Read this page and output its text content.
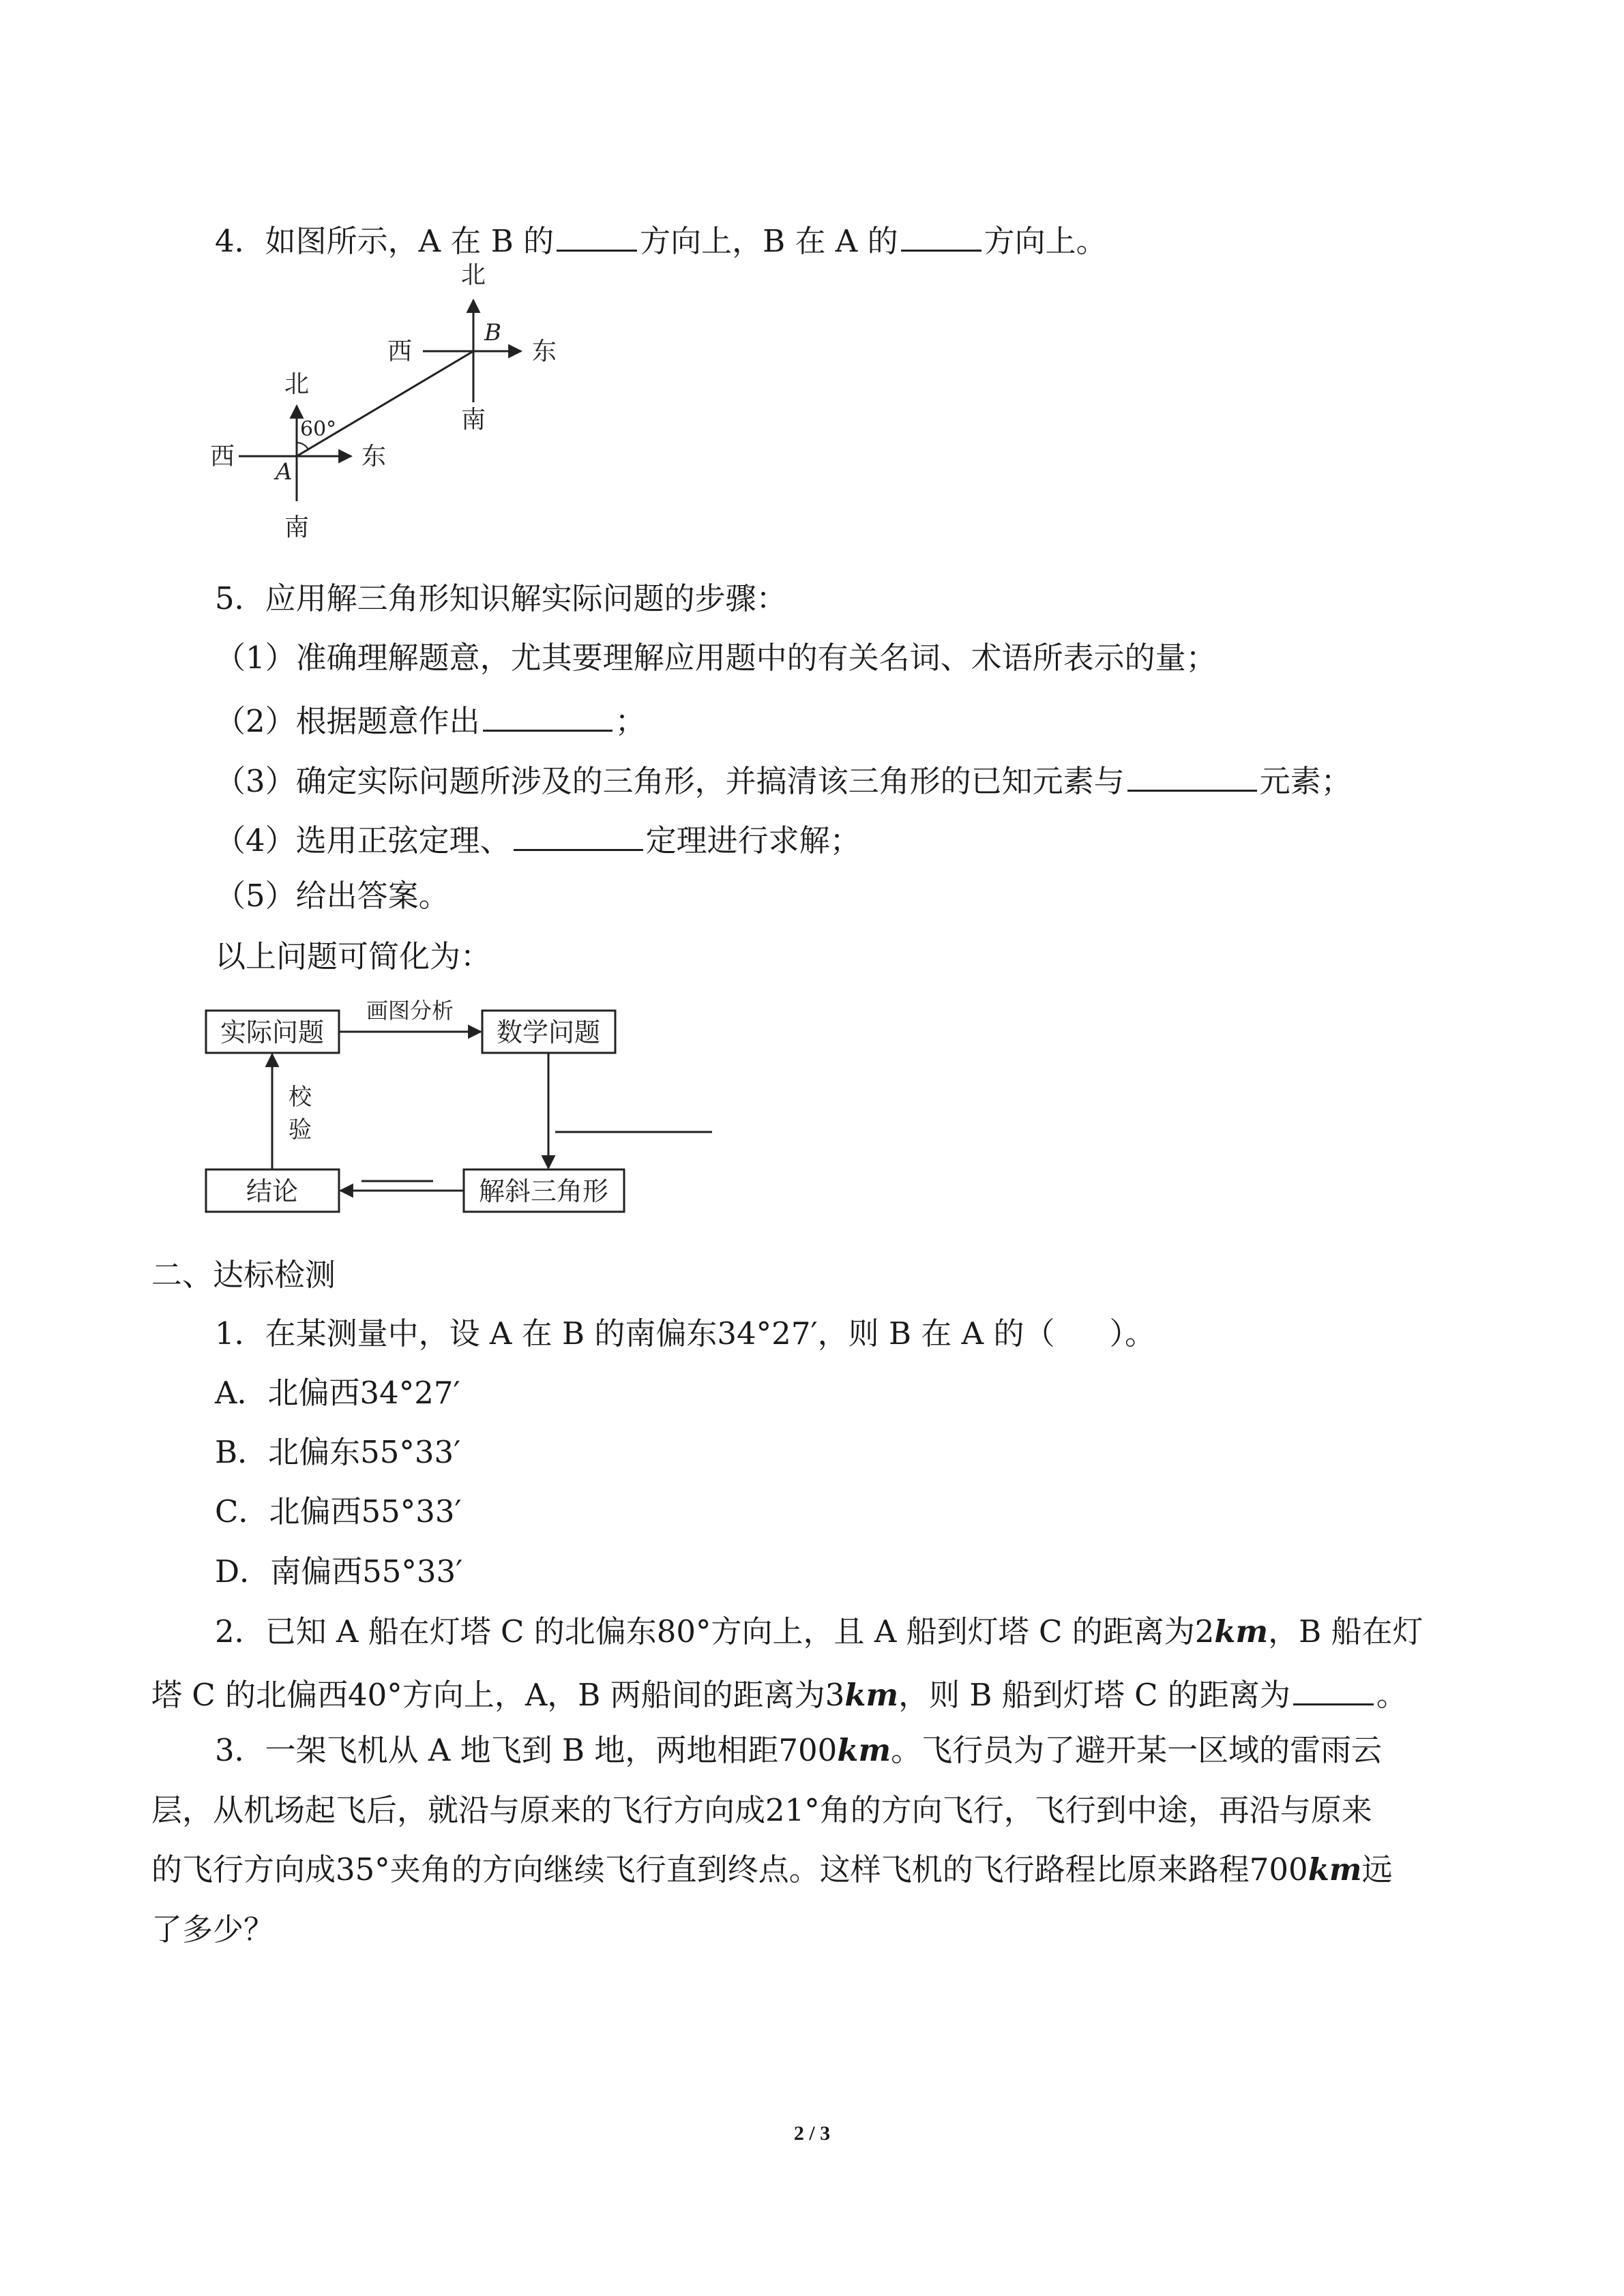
4．如图所示，A 在 B 的	方向上，B 在 A 的	方向上。
北
西	东
南
B
北
西	东
南
A
60°
5．应用解三角形知识解实际问题的步骤：
（1）准确理解题意，尤其要理解应用题中的有关名词、术语所表示的量；
（2）根据题意作出	；
（3）确定实际问题所涉及的三角形，并搞清该三角形的已知元素与	元素；
（4）选用正弦定理、	定理进行求解；
（5）给出答案。
以上问题可简化为：
实际问题	数学问题
结论	解斜三角形
画图分析
校
验
二、达标检测
1．在某测量中，设 A 在 B 的南偏东34°27′，则 B 在 A 的（ ）。
A．北偏西34°27′
B．北偏东55°33′
C．北偏西55°33′
D．南偏西55°33′
2．已知 A 船在灯塔 C 的北偏东80°方向上，且 A 船到灯塔 C 的距离为2km，B 船在灯
塔 C 的北偏西40°方向上，A，B 两船间的距离为3km，则 B 船到灯塔 C 的距离为	。
3．一架飞机从 A 地飞到 B 地，两地相距700km。飞行员为了避开某一区域的雷雨云
层，从机场起飞后，就沿与原来的飞行方向成21°角的方向飞行，飞行到中途，再沿与原来
的飞行方向成35°夹角的方向继续飞行直到终点。这样飞机的飞行路程比原来路程700km远
了多少？
2 / 3
